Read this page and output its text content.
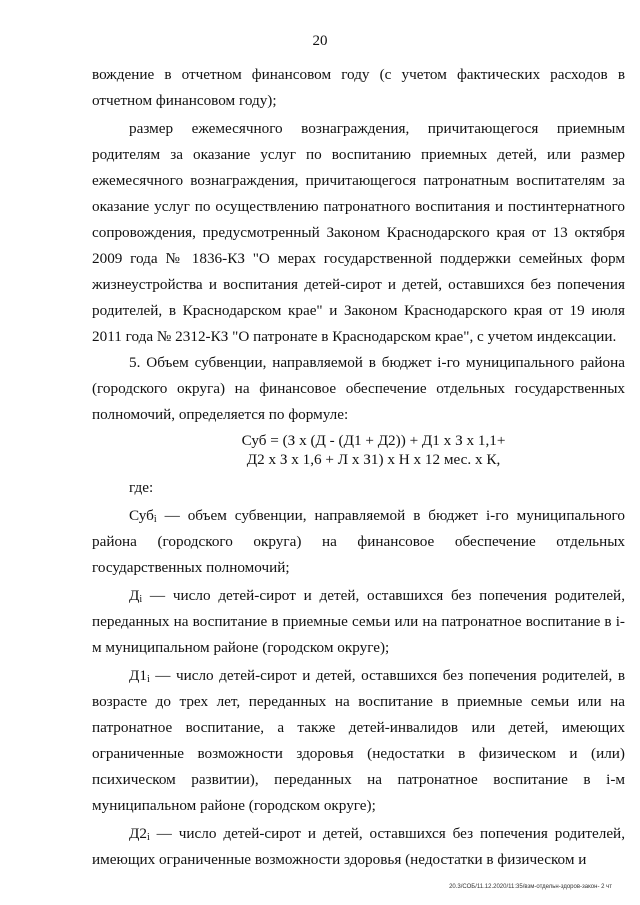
20

вождение в отчетном финансовом году (с учетом фактических расходов в отчетном финансовом году);

размер ежемесячного вознаграждения, причитающегося приемным родителям за оказание услуг по воспитанию приемных детей, или размер ежемесячного вознаграждения, причитающегося патронатным воспитателям за оказание услуг по осуществлению патронатного воспитания и постинтернатного сопровождения, предусмотренный Законом Краснодарского края от 13 октября 2009 года № 1836-КЗ "О мерах государственной поддержки семейных форм жизнеустройства и воспитания детей-сирот и детей, оставшихся без попечения родителей, в Краснодарском крае" и Законом Краснодарского края от 19 июля 2011 года № 2312-КЗ "О патронате в Краснодарском крае", с учетом индексации.

5. Объем субвенции, направляемой в бюджет i-го муниципального района (городского округа) на финансовое обеспечение отдельных государственных полномочий, определяется по формуле:

Суб = (З х (Д - (Д1 + Д2)) + Д1 х З х 1,1+
Д2 х З х 1,6 + Л х З1) х Н х 12 мес. х К,

где:

Суб$_i$ — объем субвенции, направляемой в бюджет i-го муниципального района (городского округа) на финансовое обеспечение отдельных государственных полномочий;

$Д_i$ — число детей-сирот и детей, оставшихся без попечения родителей, переданных на воспитание в приемные семьи или на патронатное воспитание в i-м муниципальном районе (городском округе);

$Д1_i$ — число детей-сирот и детей, оставшихся без попечения родителей, в возрасте до трех лет, переданных на воспитание в приемные семьи или на патронатное воспитание, а также детей-инвалидов или детей, имеющих ограниченные возможности здоровья (недостатки в физическом и (или) психическом развитии), переданных на патронатное воспитание в i-м муниципальном районе (городском округе);

$Д2_i$ — число детей-сирот и детей, оставшихся без попечения родителей, имеющих ограниченные возможности здоровья (недостатки в физическом и

20.3/СОБ/11.12.2020/11:35/взм-отдельн-здоров-закон- 2 чт
